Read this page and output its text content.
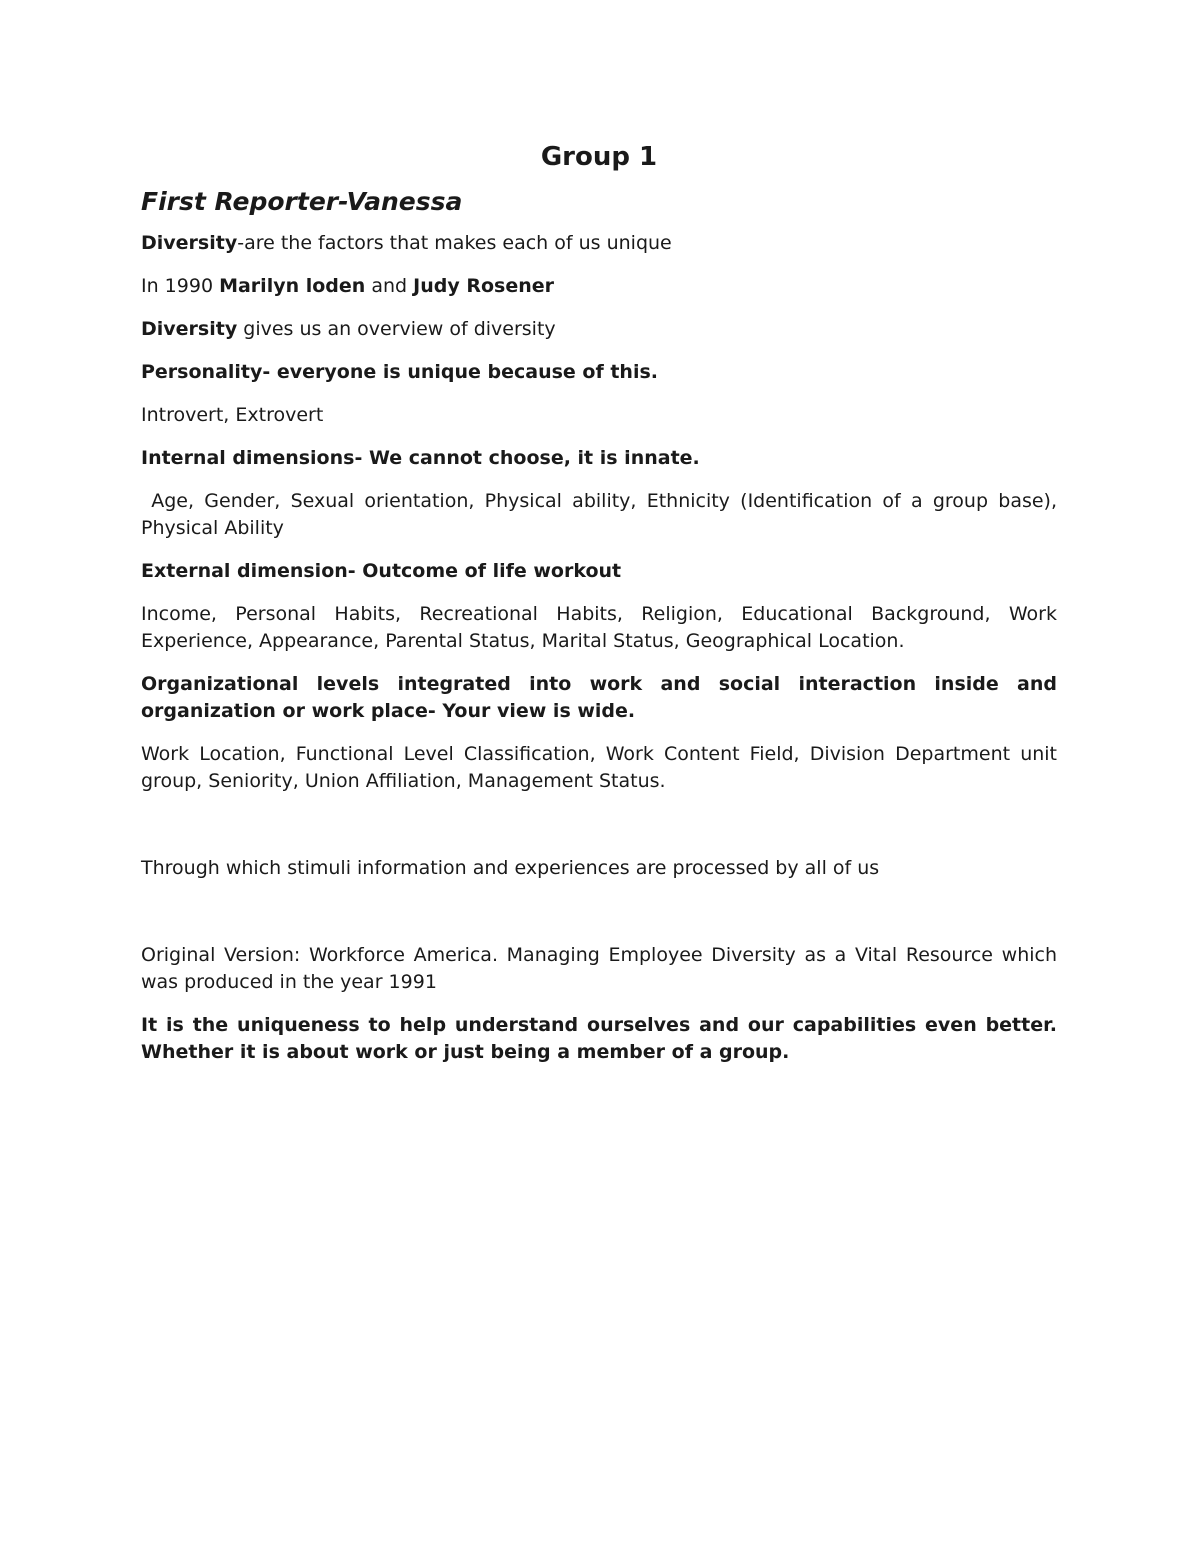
Group 1
First Reporter-Vanessa

Diversity-are the factors that makes each of us unique

In 1990 Marilyn loden and Judy Rosener

Diversity gives us an overview of diversity

Personality- everyone is unique because of this.

Introvert, Extrovert

Internal dimensions- We cannot choose, it is innate.

Age, Gender, Sexual orientation, Physical ability, Ethnicity (Identification of a group base), Physical Ability

External dimension- Outcome of life workout

Income, Personal Habits, Recreational Habits, Religion, Educational Background, Work Experience, Appearance, Parental Status, Marital Status, Geographical Location.

Organizational levels integrated into work and social interaction inside and organization or work place- Your view is wide.

Work Location, Functional Level Classification, Work Content Field, Division Department unit group, Seniority, Union Affiliation, Management Status.

Through which stimuli information and experiences are processed by all of us

Original Version: Workforce America. Managing Employee Diversity as a Vital Resource which was produced in the year 1991

It is the uniqueness to help understand ourselves and our capabilities even better. Whether it is about work or just being a member of a group.
